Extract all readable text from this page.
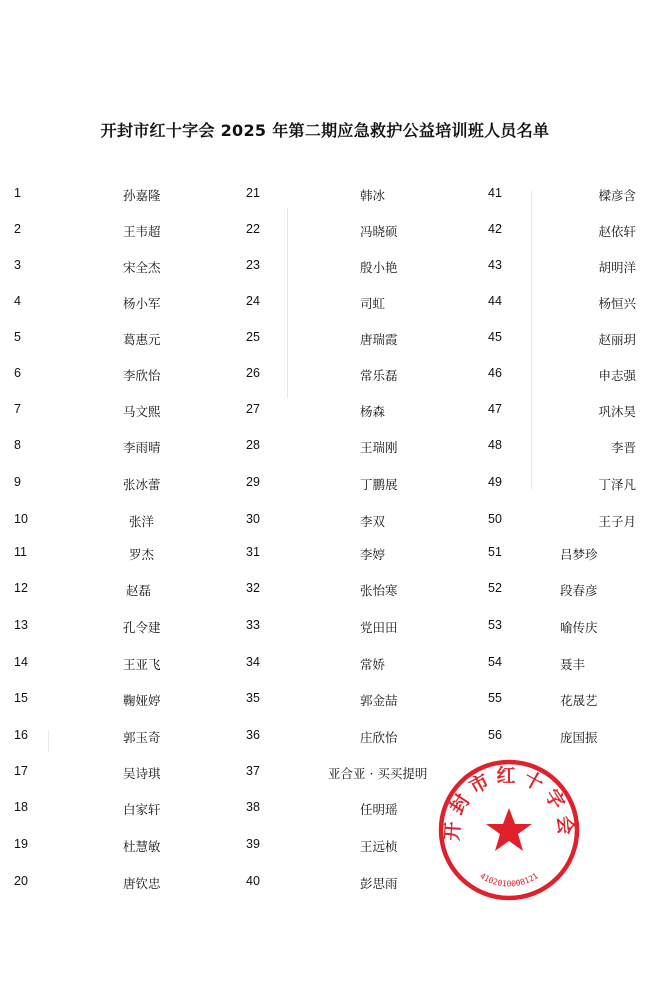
开封市红十字会 2025 年第二期应急救护公益培训班人员名单
1	孙嘉隆
2	王韦超
3	宋全杰
4	杨小军
5	葛惠元
6	李欣怡
7	马文熙
8	李雨晴
9	张冰蕾
10	张洋
11	罗杰
12	赵磊
13	孔令建
14	王亚飞
15	鞠娅婷
16	郭玉奇
17	吴诗琪
18	白家轩
19	杜慧敏
20	唐钦忠
21	韩冰
22	冯晓硕
23	殷小艳
24	司虹
25	唐瑞霞
26	常乐磊
27	杨森
28	王瑞刚
29	丁鹏展
30	李双
31	李婷
32	张怡寒
33	党田田
34	常娇
35	郭金喆
36	庄欣怡
37	亚合亚 · 买买提明
38	任明瑶
39	王远桢
40	彭思雨
41	樑彦含
42	赵依轩
43	胡明洋
44	杨恒兴
45	赵丽玥
46	申志强
47	巩沐昊
48	李晋
49	丁泽凡
50	王子月
51	吕梦珍
52	段春彦
53	喻传庆
54	聂丰
55	花晟艺
56	庞国振
开封市红十字会
4102010008121
